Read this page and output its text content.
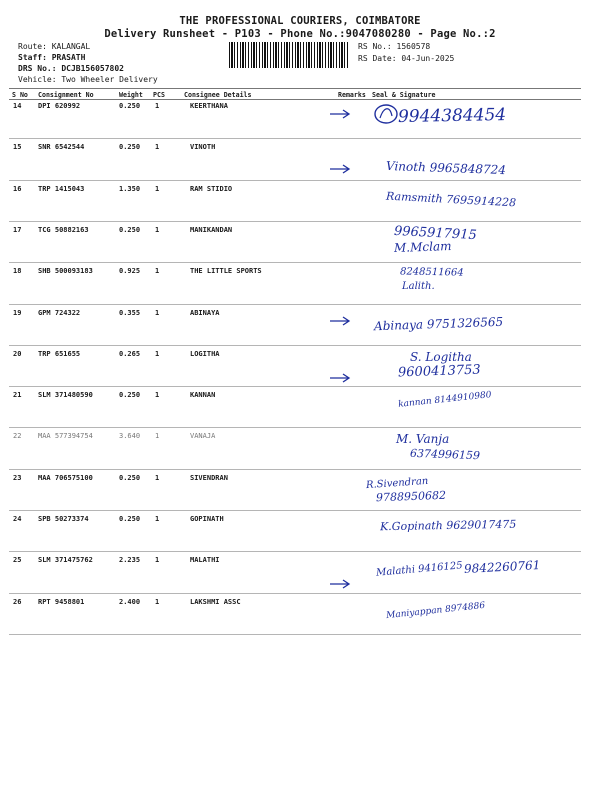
THE PROFESSIONAL COURIERS, COIMBATORE
Delivery Runsheet - P103 - Phone No.:9047080280 - Page No.:2
Route: KALANGAL
Staff: PRASATH
DRS No.: DCJB156057802
Vehicle: Two Wheeler Delivery
RS No.: 1560578
RS Date: 04-Jun-2025
S No Consignment No	Weight PCS	Consignee Details	Remarks Seal & Signature
14 DPI 620992	0.250 1	KEERTHANA	9944384454
15 SNR 6542544	0.250 1	VINOTH
Vinoth 9965848724
16 TRP 1415043	1.350 1	RAM STIDIO
Ramsmith 7695914228
17 TCG 50882163	0.250 1	MANIKANDAN	9965917915
M.Mclam
18 SHB 500093183	0.925 1	THE LITTLE SPORTS	8248511664
Lalith.
19 GPM 724322	0.355 1	ABINAYA
Abinaya 9751326565
20 TRP 651655	0.265 1	LOGITHA	S. Logitha
9600413753
21 SLM 371480590	0.250 1	KANNAN	kannan 8144910980
22 MAA 577394754	3.640 1	VANAJA	M. Vanja
6374996159
23 MAA 706575100	0.250 1	SIVENDRAN	R.Sivendran
9788950682
24 SPB 50273374	0.250 1	GOPINATH	K.Gopinath 9629017475
25 SLM 371475762	2.235 1	MALATHI
Malathi 9416125 9842260761
26 RPT 9458801	2.400 1	LAKSHMI ASSC	Maniyappan 8974886
